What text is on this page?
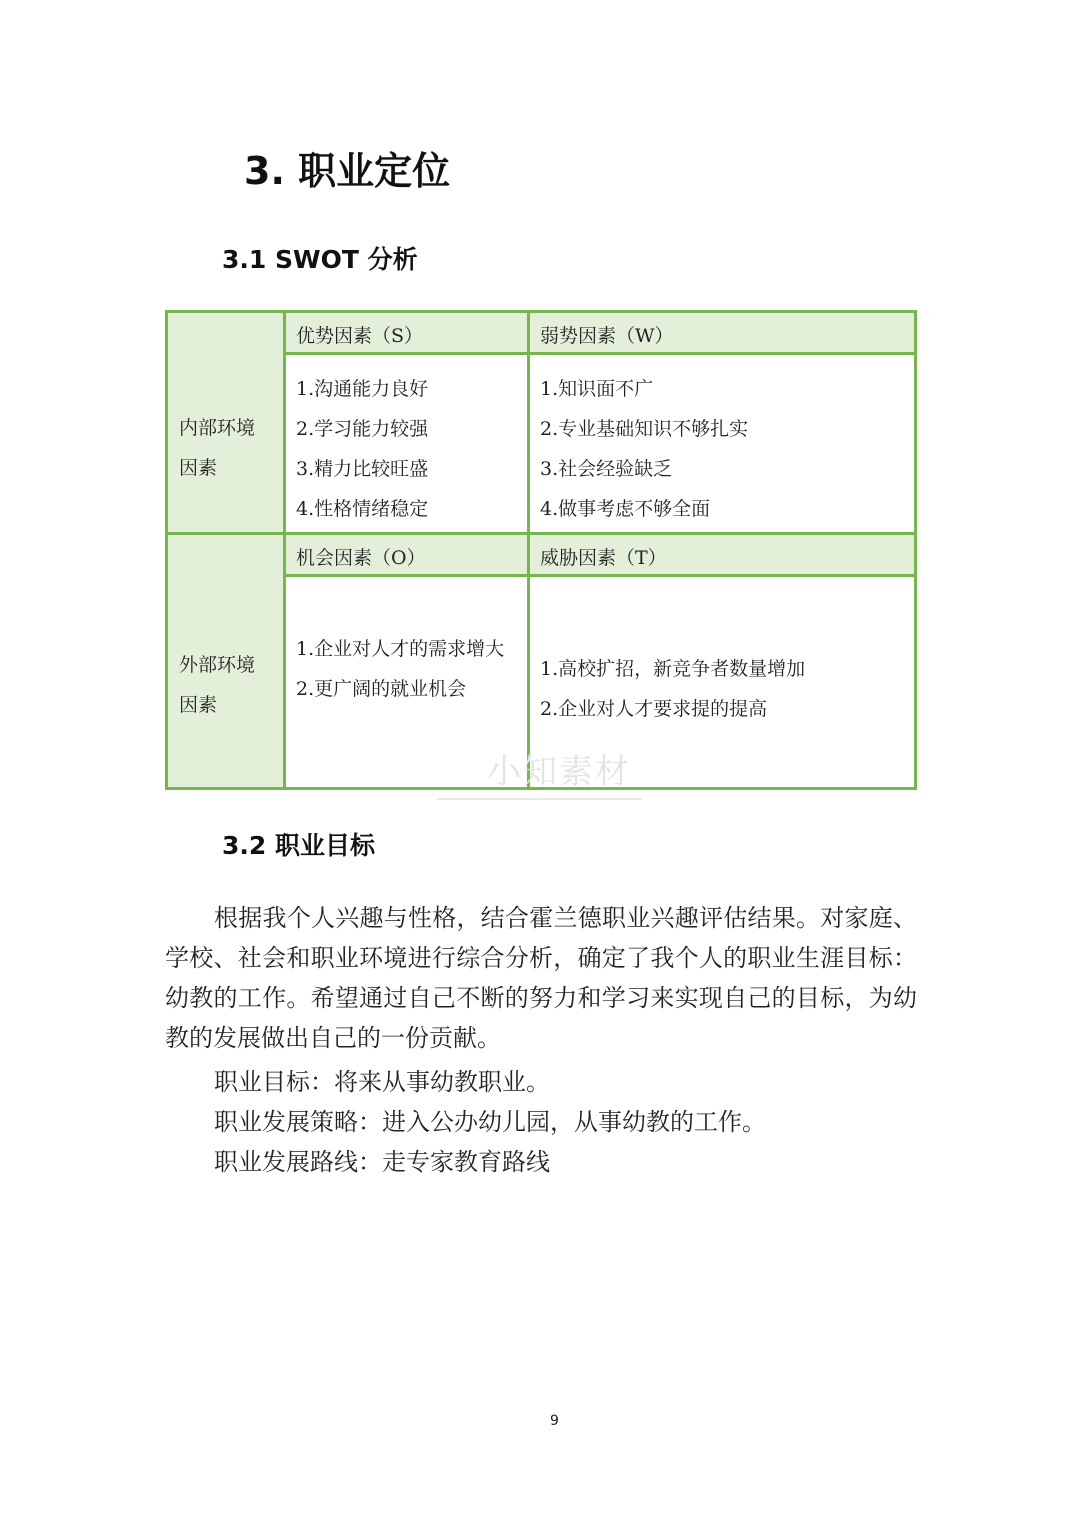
3. 职业定位
3.1 SWOT 分析
内部环境
因素
外部环境
因素
优势因素（S）	弱势因素（W）
机会因素（O）	威胁因素（T）
1.沟通能力良好
2.学习能力较强
3.精力比较旺盛
4.性格情绪稳定
1.知识面不广
2.专业基础知识不够扎实
3.社会经验缺乏
4.做事考虑不够全面
1.企业对人才的需求增大
2.更广阔的就业机会
1.高校扩招，新竞争者数量增加
2.企业对人才要求提的提高
小知素材
3.2 职业目标
根据我个人兴趣与性格，结合霍兰德职业兴趣评估结果。对家庭、学校、社会和职业环境进行综合分析，确定了我个人的职业生涯目标：幼教的工作。希望通过自己不断的努力和学习来实现自己的目标，为幼教的发展做出自己的一份贡献。
职业目标：将来从事幼教职业。
职业发展策略：进入公办幼儿园，从事幼教的工作。
职业发展路线：走专家教育路线
9
